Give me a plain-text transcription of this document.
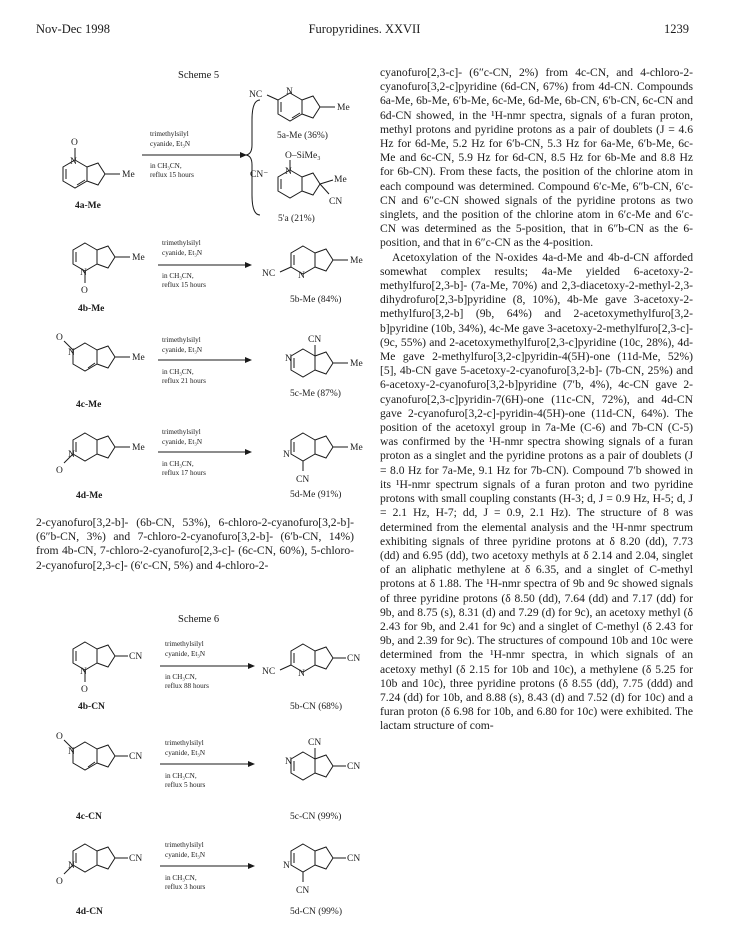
Nov-Dec 1998	Furopyridines. XXVII	1239
Scheme 5
O
N
Me
4a-Me
trimethylsilyl
cyanide, Et₃N
in CH₃CN,
reflux 15 hours
NC	N
Me
5a-Me (36%)
O–SiMe₃
CN⁻ N
Me
CN
5'a (21%)
N
O
Me
4b-Me
trimethylsilyl
cyanide, Et₃N
in CH₃CN,
reflux 15 hours
NC N
Me
5b-Me (84%)
N
O
Me
4c-Me
trimethylsilyl
cyanide, Et₃N
in CH₃CN,
reflux 21 hours
CN
N	Me
5c-Me (87%)
N
O
Me
4d-Me
trimethylsilyl
cyanide, Et₃N
in CH₃CN,
reflux 17 hours
N
CN
Me
5d-Me (91%)

2-cyanofuro[3,2-b]- (6b-CN, 53%), 6-chloro-2-cyanofuro[3,2-b]- (6″b-CN, 3%) and 7-chloro-2-cyanofuro[3,2-b]- (6′b-CN, 14%) from 4b-CN, 7-chloro-2-cyanofuro[2,3-c]- (6c-CN, 60%), 5-chloro-2-cyanofuro[2,3-c]- (6′c-CN, 5%) and 4-chloro-2-

Scheme 6
N
O
CN
4b-CN
trimethylsilyl
cyanide, Et₃N
in CH₃CN,
reflux 88 hours
NC N
CN
5b-CN (68%)
N
O
CN
4c-CN
trimethylsilyl
cyanide, Et₃N
in CH₃CN,
reflux 5 hours
CN
N	CN
5c-CN (99%)
N
O
CN
4d-CN
trimethylsilyl
cyanide, Et₃N
in CH₃CN,
reflux 3 hours
N
CN
CN
5d-CN (99%)

cyanofuro[2,3-c]- (6″c-CN, 2%) from 4c-CN, and 4-chloro-2-cyanofuro[3,2-c]pyridine (6d-CN, 67%) from 4d-CN. Compounds 6a-Me, 6b-Me, 6′b-Me, 6c-Me, 6d-Me, 6b-CN, 6′b-CN, 6c-CN and 6d-CN showed, in the ¹H-nmr spectra, signals of a furan proton, methyl protons and pyridine protons as a pair of doublets (J = 4.6 Hz for 6d-Me, 5.2 Hz for 6′b-CN, 5.3 Hz for 6a-Me, 6′b-Me, 6c-Me and 6c-CN, 5.9 Hz for 6d-CN, 8.5 Hz for 6b-Me and 8.8 Hz for 6b-CN). From these facts, the position of the chlorine atom in each compound was determined. Compound 6′c-Me, 6″b-CN, 6′c-CN and 6″c-CN showed signals of the pyridine protons as two singlets, and the position of the chlorine atom in 6′c-Me and 6′c-CN was determined as the 5-position, that in 6″b-CN as the 6-position, and that in 6″c-CN as the 4-position.

Acetoxylation of the N-oxides 4a-d-Me and 4b-d-CN afforded somewhat complex results; 4a-Me yielded 6-acetoxy-2-methylfuro[2,3-b]- (7a-Me, 70%) and 2,3-diacetoxy-2-methyl-2,3-dihydrofuro[2,3-b]pyridine (8, 10%), 4b-Me gave 3-acetoxy-2-methylfuro[3,2-b] (9b, 64%) and 2-acetoxymethylfuro[3,2-b]pyridine (10b, 34%), 4c-Me gave 3-acetoxy-2-methylfuro[2,3-c]- (9c, 55%) and 2-acetoxymethylfuro[2,3-c]pyridine (10c, 28%), 4d-Me gave 2-methylfuro[3,2-c]pyridin-4(5H)-one (11d-Me, 52%) [5], 4b-CN gave 5-acetoxy-2-cyanofuro[3,2-b]- (7b-CN, 25%) and 6-acetoxy-2-cyanofuro[3,2-b]pyridine (7′b, 4%), 4c-CN gave 2-cyanofuro[2,3-c]pyridin-7(6H)-one (11c-CN, 72%), and 4d-CN gave 2-cyanofuro[3,2-c]-pyridin-4(5H)-one (11d-CN, 64%). The position of the acetoxyl group in 7a-Me (C-6) and 7b-CN (C-5) was confirmed by the ¹H-nmr spectra showing signals of a furan proton as a singlet and the pyridine protons as a pair of doublets (J = 8.0 Hz for 7a-Me, 9.1 Hz for 7b-CN). Compound 7′b showed in its ¹H-nmr spectrum signals of a furan proton and two pyridine protons with small coupling constants (H-3; d, J = 0.9 Hz, H-5; d, J = 2.1 Hz, H-7; dd, J = 0.9, 2.1 Hz). The structure of 8 was determined from the elemental analysis and the ¹H-nmr spectrum exhibiting signals of three pyridine protons at δ 8.20 (dd), 7.73 (dd) and 6.95 (dd), two acetoxy methyls at δ 2.14 and 2.04, singlet of an aliphatic methylene at δ 6.35, and a singlet of C-methyl protons at δ 1.88. The ¹H-nmr spectra of 9b and 9c showed signals of three pyridine protons (δ 8.50 (dd), 7.64 (dd) and 7.17 (dd) for 9b, and 8.75 (s), 8.31 (d) and 7.29 (d) for 9c), an acetoxy methyl (δ 2.43 for 9b, and 2.41 for 9c) and a singlet of C-methyl (δ 2.43 for 9b, and 2.39 for 9c). The structures of compound 10b and 10c were determined from the ¹H-nmr spectra, in which signals of an acetoxy methyl (δ 2.15 for 10b and 10c), a methylene (δ 5.25 for 10b and 10c), three pyridine protons (δ 8.55 (dd), 7.75 (ddd) and 7.24 (dd) for 10b, and 8.88 (s), 8.43 (d) and 7.52 (d) for 10c) and a furan proton (δ 6.98 for 10b, and 6.80 for 10c) were exhibited. The lactam structure of com-
